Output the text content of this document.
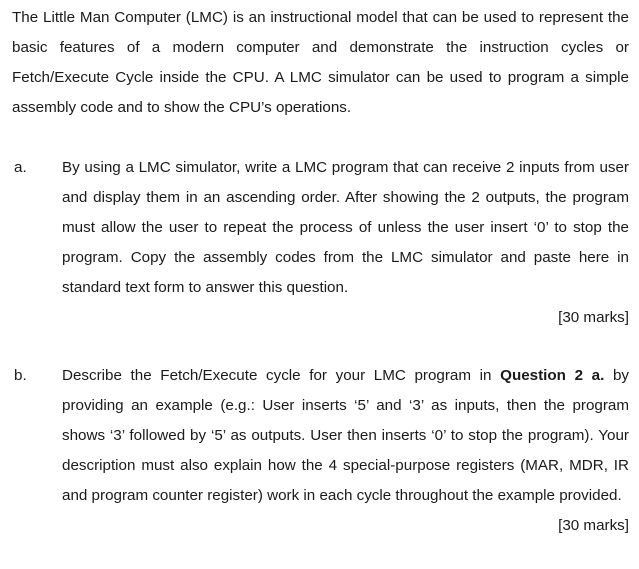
The Little Man Computer (LMC) is an instructional model that can be used to represent the basic features of a modern computer and demonstrate the instruction cycles or Fetch/Execute Cycle inside the CPU. A LMC simulator can be used to program a simple assembly code and to show the CPU’s operations.

a. By using a LMC simulator, write a LMC program that can receive 2 inputs from user and display them in an ascending order. After showing the 2 outputs, the program must allow the user to repeat the process of unless the user insert ‘0’ to stop the program. Copy the assembly codes from the LMC simulator and paste here in standard text form to answer this question.

[30 marks]

b. Describe the Fetch/Execute cycle for your LMC program in Question 2 a. by providing an example (e.g.: User inserts ‘5’ and ‘3’ as inputs, then the program shows ‘3’ followed by ‘5’ as outputs. User then inserts ‘0’ to stop the program). Your description must also explain how the 4 special-purpose registers (MAR, MDR, IR and program counter register) work in each cycle throughout the example provided.

[30 marks]
